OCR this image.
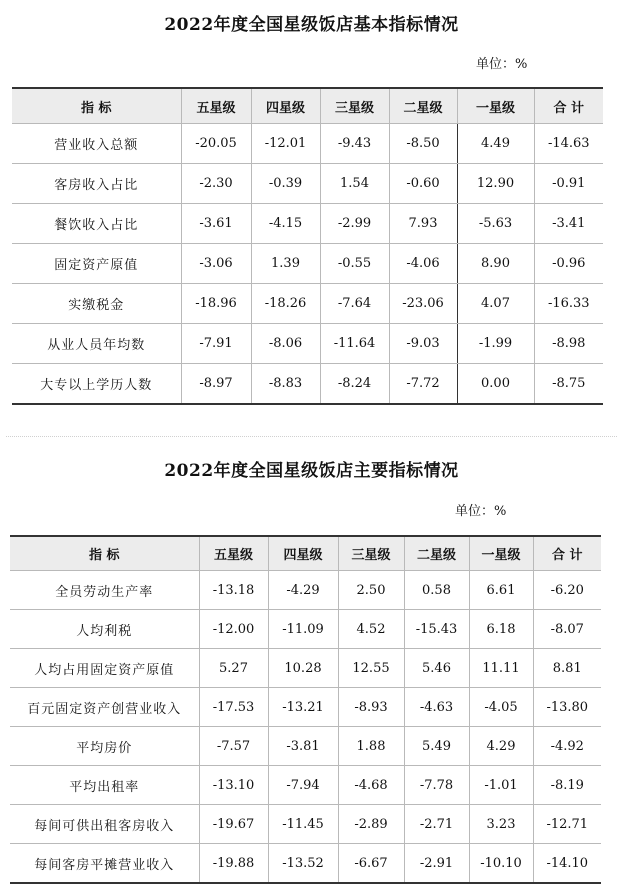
2022年度全国星级饭店基本指标情况
单位：%
指 标	五星级	四星级	三星级	二星级	一星级	合 计
营业收入总额	-20.05	-12.01	-9.43	-8.50	4.49	-14.63
客房收入占比	-2.30	-0.39	1.54	-0.60	12.90	-0.91
餐饮收入占比	-3.61	-4.15	-2.99	7.93	-5.63	-3.41
固定资产原值	-3.06	1.39	-0.55	-4.06	8.90	-0.96
实缴税金	-18.96	-18.26	-7.64	-23.06	4.07	-16.33
从业人员年均数	-7.91	-8.06	-11.64	-9.03	-1.99	-8.98
大专以上学历人数	-8.97	-8.83	-8.24	-7.72	0.00	-8.75
2022年度全国星级饭店主要指标情况
单位：%
指 标	五星级	四星级	三星级	二星级	一星级	合 计
全员劳动生产率	-13.18	-4.29	2.50	0.58	6.61	-6.20
人均利税	-12.00	-11.09	4.52	-15.43	6.18	-8.07
人均占用固定资产原值	5.27	10.28	12.55	5.46	11.11	8.81
百元固定资产创营业收入	-17.53	-13.21	-8.93	-4.63	-4.05	-13.80
平均房价	-7.57	-3.81	1.88	5.49	4.29	-4.92
平均出租率	-13.10	-7.94	-4.68	-7.78	-1.01	-8.19
每间可供出租客房收入	-19.67	-11.45	-2.89	-2.71	3.23	-12.71
每间客房平摊营业收入	-19.88	-13.52	-6.67	-2.91	-10.10	-14.10
